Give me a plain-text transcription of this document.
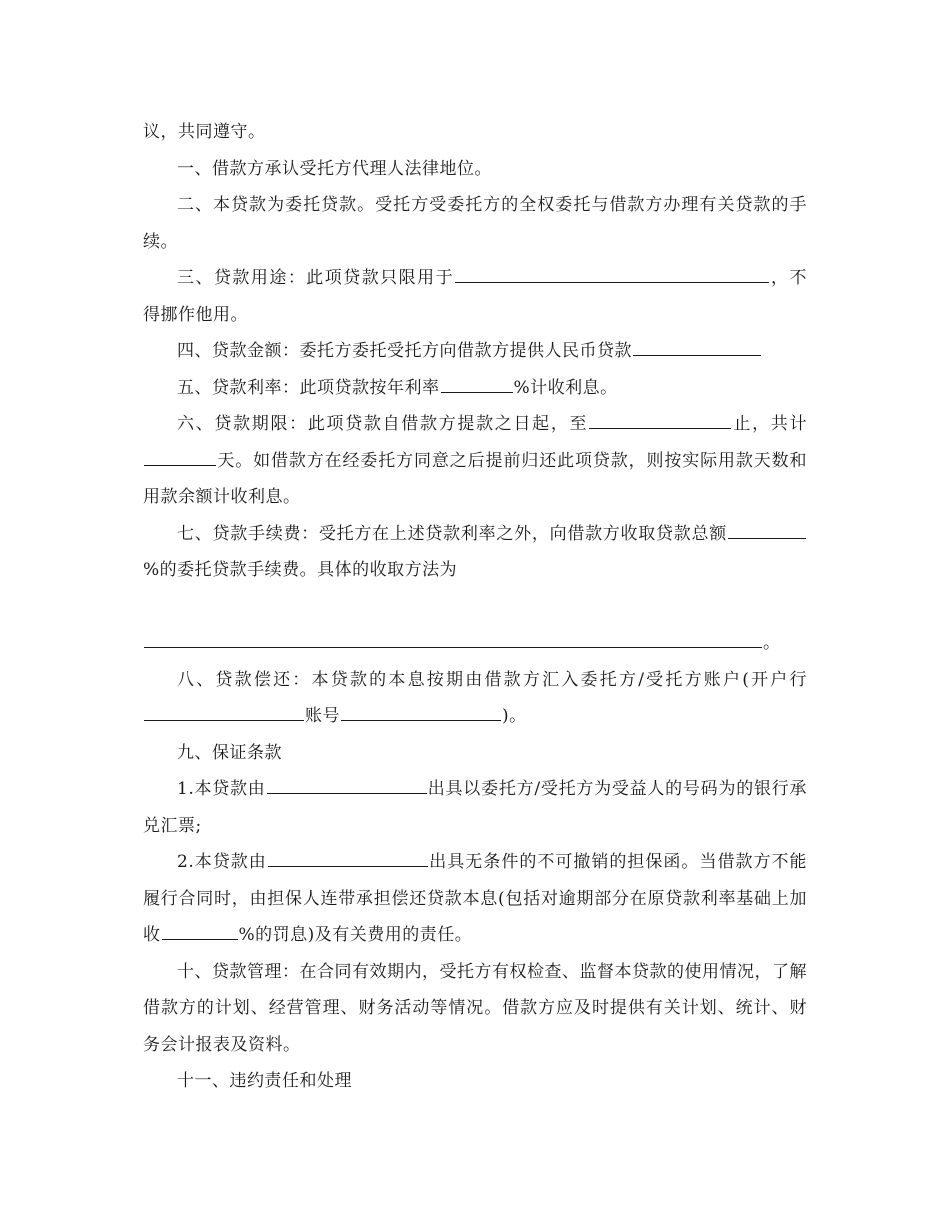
议，共同遵守。

一、借款方承认受托方代理人法律地位。

二、本贷款为委托贷款。受托方受委托方的全权委托与借款方办理有关贷款的手续。

三、贷款用途：此项贷款只限用于	，不得挪作他用。

四、贷款金额：委托方委托受托方向借款方提供人民币贷款

五、贷款利率：此项贷款按年利率	%计收利息。

六、贷款期限：此项贷款自借款方提款之日起，至	止，共计天。如借款方在经委托方同意之后提前归还此项贷款，则按实际用款天数和用款余额计收利息。

七、贷款手续费：受托方在上述贷款利率之外，向借款方收取贷款总额%的委托贷款手续费。具体的收取方法为

。

八、贷款偿还：本贷款的本息按期由借款方汇入委托方/受托方账户(开户行账号	)。

九、保证条款

1.本贷款由	出具以委托方/受托方为受益人的号码为的银行承兑汇票;

2.本贷款由	出具无条件的不可撤销的担保函。当借款方不能履行合同时，由担保人连带承担偿还贷款本息(包括对逾期部分在原贷款利率基础上加收	%的罚息)及有关费用的责任。

十、贷款管理：在合同有效期内，受托方有权检查、监督本贷款的使用情况，了解借款方的计划、经营管理、财务活动等情况。借款方应及时提供有关计划、统计、财务会计报表及资料。

十一、违约责任和处理
